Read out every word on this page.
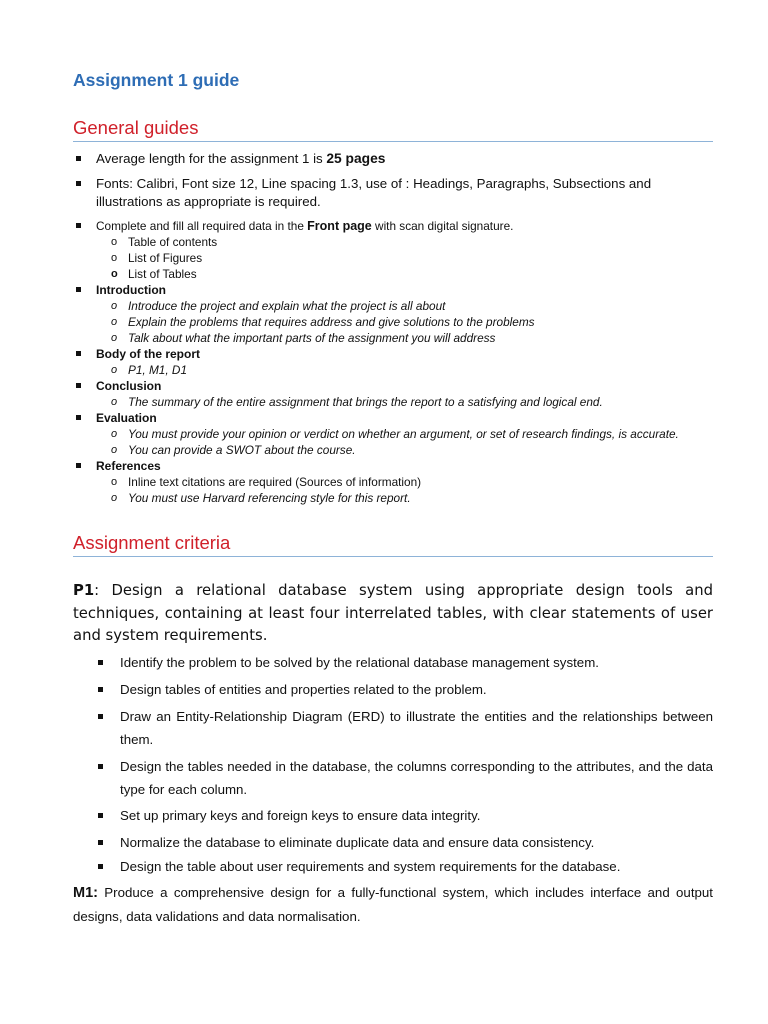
Assignment 1 guide
General guides
Average length for the assignment 1 is 25 pages
Fonts: Calibri, Font size 12, Line spacing 1.3, use of : Headings, Paragraphs, Subsections and illustrations as appropriate is required.
Complete and fill all required data in the Front page with scan digital signature.
o Table of contents
o List of Figures
o List of Tables
Introduction
o Introduce the project and explain what the project is all about
o Explain the problems that requires address and give solutions to the problems
o Talk about what the important parts of the assignment you will address
Body of the report
o P1, M1, D1
Conclusion
o The summary of the entire assignment that brings the report to a satisfying and logical end.
Evaluation
o You must provide your opinion or verdict on whether an argument, or set of research findings, is accurate.
o You can provide a SWOT about the course.
References
o Inline text citations are required (Sources of information)
o You must use Harvard referencing style for this report.
Assignment criteria
P1: Design a relational database system using appropriate design tools and techniques, containing at least four interrelated tables, with clear statements of user and system requirements.
Identify the problem to be solved by the relational database management system.
Design tables of entities and properties related to the problem.
Draw an Entity-Relationship Diagram (ERD) to illustrate the entities and the relationships between them.
Design the tables needed in the database, the columns corresponding to the attributes, and the data type for each column.
Set up primary keys and foreign keys to ensure data integrity.
Normalize the database to eliminate duplicate data and ensure data consistency.
Design the table about user requirements and system requirements for the database.
M1: Produce a comprehensive design for a fully-functional system, which includes interface and output designs, data validations and data normalisation.
